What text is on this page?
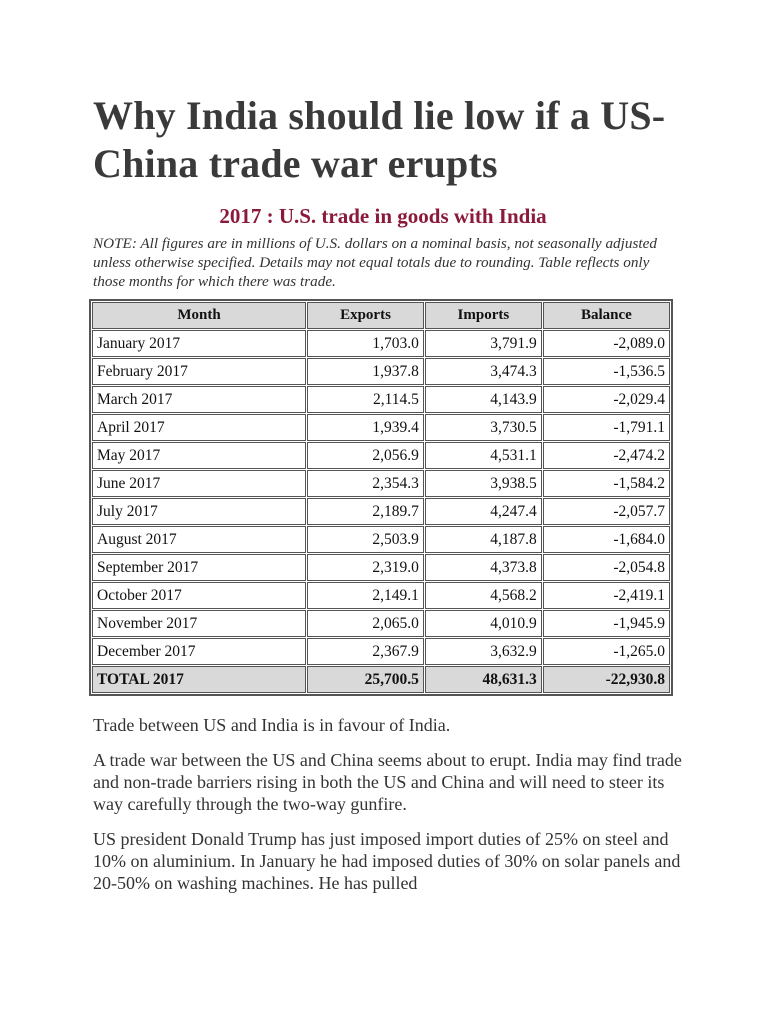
Why India should lie low if a US-China trade war erupts
2017 : U.S. trade in goods with India
NOTE: All figures are in millions of U.S. dollars on a nominal basis, not seasonally adjusted unless otherwise specified. Details may not equal totals due to rounding. Table reflects only those months for which there was trade.
Month	Exports	Imports	Balance
January 2017	1,703.0	3,791.9	-2,089.0
February 2017	1,937.8	3,474.3	-1,536.5
March 2017	2,114.5	4,143.9	-2,029.4
April 2017	1,939.4	3,730.5	-1,791.1
May 2017	2,056.9	4,531.1	-2,474.2
June 2017	2,354.3	3,938.5	-1,584.2
July 2017	2,189.7	4,247.4	-2,057.7
August 2017	2,503.9	4,187.8	-1,684.0
September 2017	2,319.0	4,373.8	-2,054.8
October 2017	2,149.1	4,568.2	-2,419.1
November 2017	2,065.0	4,010.9	-1,945.9
December 2017	2,367.9	3,632.9	-1,265.0
TOTAL 2017	25,700.5	48,631.3	-22,930.8

Trade between US and India is in favour of India.

A trade war between the US and China seems about to erupt. India may find trade and non-trade barriers rising in both the US and China and will need to steer its way carefully through the two-way gunfire.

US president Donald Trump has just imposed import duties of 25% on steel and 10% on aluminium. In January he had imposed duties of 30% on solar panels and 20-50% on washing machines. He has pulled
